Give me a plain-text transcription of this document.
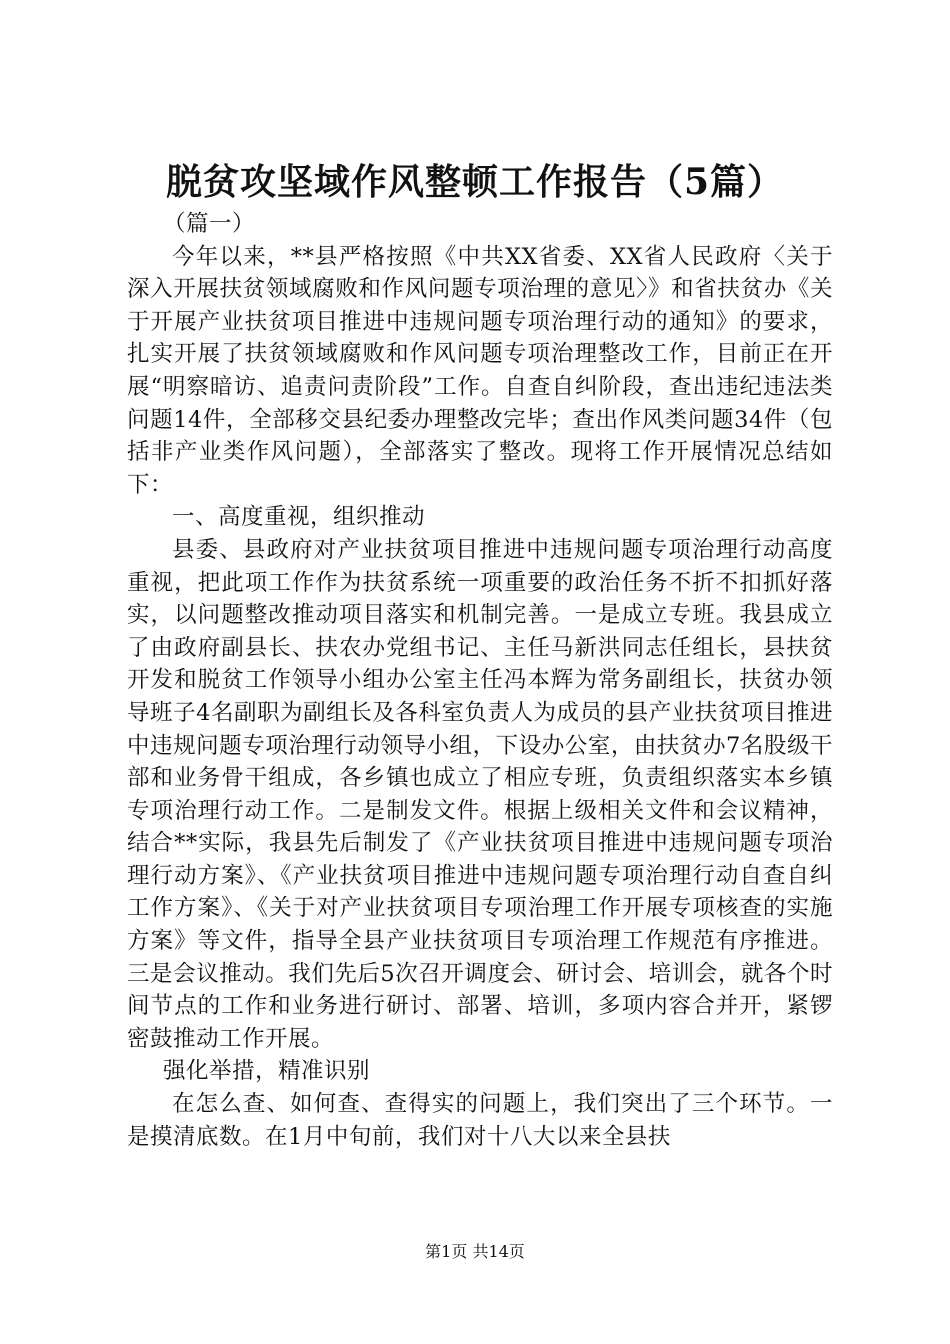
脱贫攻坚域作风整顿工作报告（5篇）

（篇一）

今年以来，**县严格按照《中共XX省委、XX省人民政府〈关于深入开展扶贫领域腐败和作风问题专项治理的意见〉》和省扶贫办《关于开展产业扶贫项目推进中违规问题专项治理行动的通知》的要求，扎实开展了扶贫领域腐败和作风问题专项治理整改工作，目前正在开展“明察暗访、追责问责阶段”工作。自查自纠阶段，查出违纪违法类问题14件，全部移交县纪委办理整改完毕；查出作风类问题34件（包括非产业类作风问题），全部落实了整改。现将工作开展情况总结如下：

一、高度重视，组织推动

县委、县政府对产业扶贫项目推进中违规问题专项治理行动高度重视，把此项工作作为扶贫系统一项重要的政治任务不折不扣抓好落实，以问题整改推动项目落实和机制完善。一是成立专班。我县成立了由政府副县长、扶农办党组书记、主任马新洪同志任组长，县扶贫开发和脱贫工作领导小组办公室主任冯本辉为常务副组长，扶贫办领导班子4名副职为副组长及各科室负责人为成员的县产业扶贫项目推进中违规问题专项治理行动领导小组，下设办公室，由扶贫办7名股级干部和业务骨干组成，各乡镇也成立了相应专班，负责组织落实本乡镇专项治理行动工作。二是制发文件。根据上级相关文件和会议精神，结合**实际，我县先后制发了《产业扶贫项目推进中违规问题专项治理行动方案》、《产业扶贫项目推进中违规问题专项治理行动自查自纠工作方案》、《关于对产业扶贫项目专项治理工作开展专项核查的实施方案》等文件，指导全县产业扶贫项目专项治理工作规范有序推进。三是会议推动。我们先后5次召开调度会、研讨会、培训会，就各个时间节点的工作和业务进行研讨、部署、培训，多项内容合并开，紧锣密鼓推动工作开展。

强化举措，精准识别

在怎么查、如何查、查得实的问题上，我们突出了三个环节。一是摸清底数。在1月中旬前，我们对十八大以来全县扶

第1页 共14页
